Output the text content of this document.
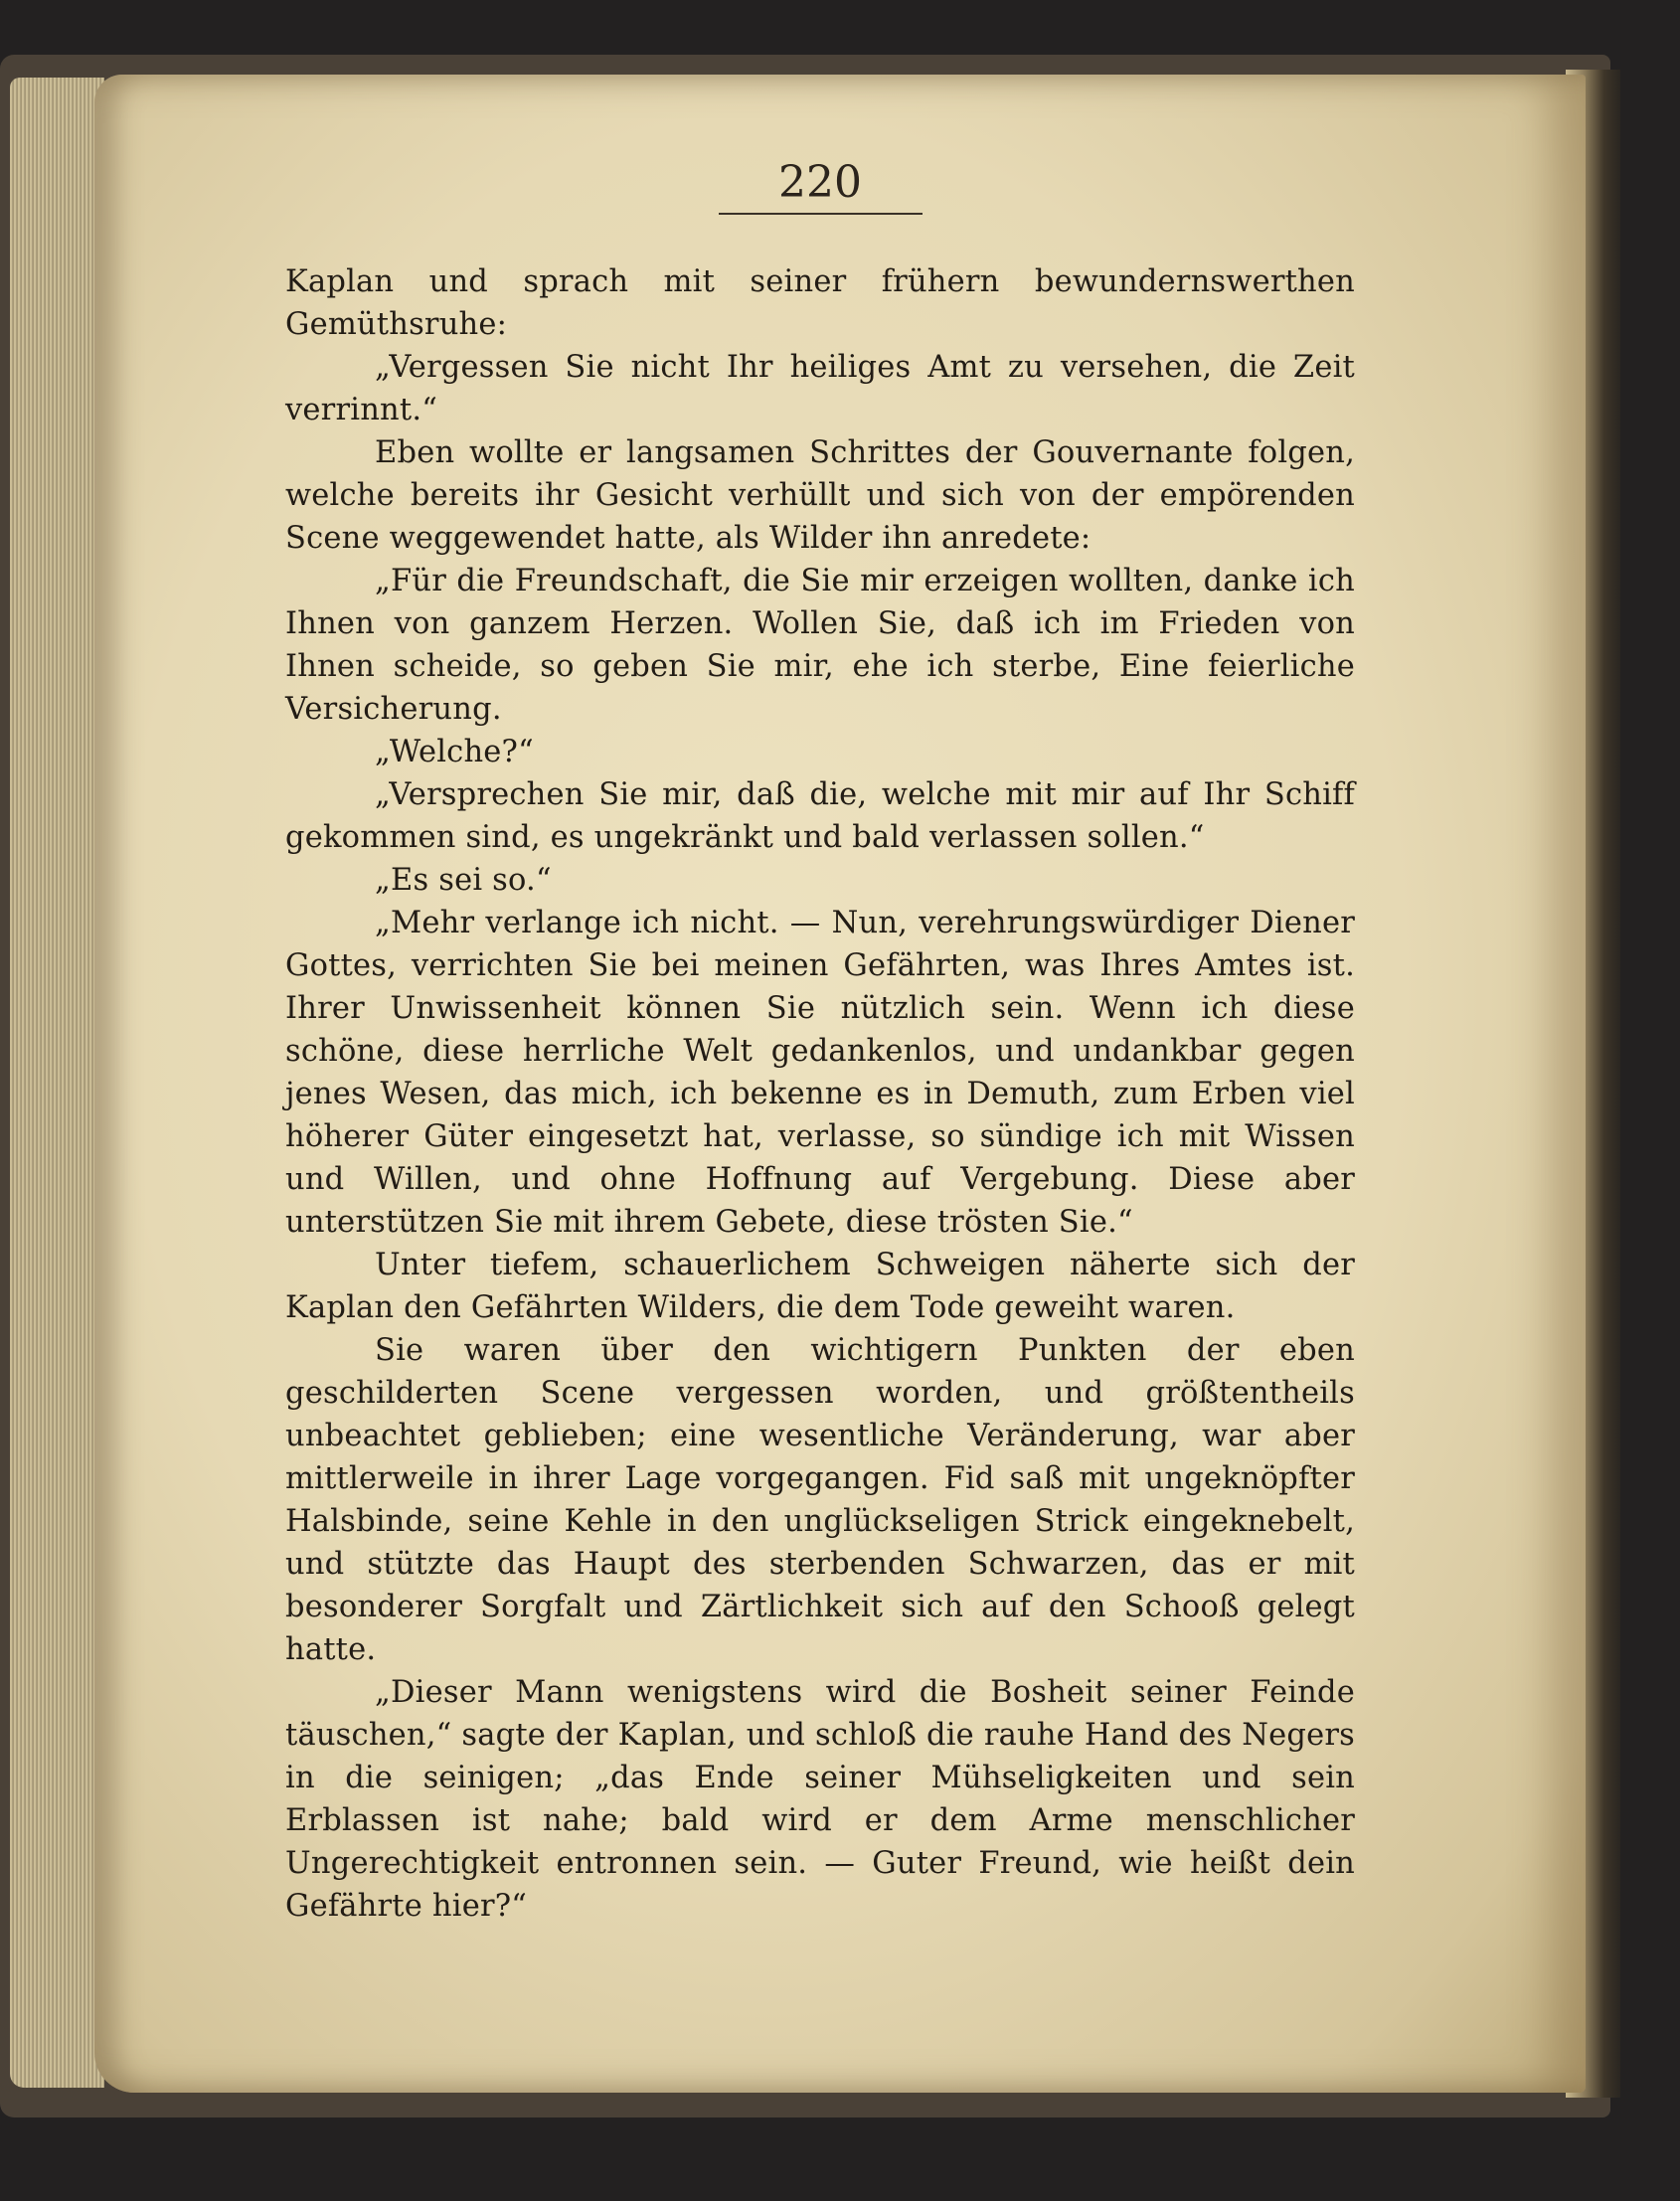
220

Kaplan und sprach mit seiner frühern bewundernswerthen Gemüthsruhe:

„Vergessen Sie nicht Ihr heiliges Amt zu versehen, die Zeit verrinnt.“

Eben wollte er langsamen Schrittes der Gouvernante folgen, welche bereits ihr Gesicht verhüllt und sich von der empörenden Scene weggewendet hatte, als Wilder ihn anredete:

„Für die Freundschaft, die Sie mir erzeigen wollten, danke ich Ihnen von ganzem Herzen. Wollen Sie, daß ich im Frieden von Ihnen scheide, so geben Sie mir, ehe ich sterbe, Eine feierliche Versicherung.

„Welche?“

„Versprechen Sie mir, daß die, welche mit mir auf Ihr Schiff gekommen sind, es ungekränkt und bald verlassen sollen.“

„Es sei so.“

„Mehr verlange ich nicht. — Nun, verehrungswürdiger Diener Gottes, verrichten Sie bei meinen Gefährten, was Ihres Amtes ist. Ihrer Unwissenheit können Sie nützlich sein. Wenn ich diese schöne, diese herrliche Welt gedankenlos, und undankbar gegen jenes Wesen, das mich, ich bekenne es in Demuth, zum Erben viel höherer Güter eingesetzt hat, verlasse, so sündige ich mit Wissen und Willen, und ohne Hoffnung auf Vergebung. Diese aber unterstützen Sie mit ihrem Gebete, diese trösten Sie.“

Unter tiefem, schauerlichem Schweigen näherte sich der Kaplan den Gefährten Wilders, die dem Tode geweiht waren.

Sie waren über den wichtigern Punkten der eben geschilderten Scene vergessen worden, und größtentheils unbeachtet geblieben; eine wesentliche Veränderung, war aber mittlerweile in ihrer Lage vorgegangen. Fid saß mit ungeknöpfter Halsbinde, seine Kehle in den unglückseligen Strick eingeknebelt, und stützte das Haupt des sterbenden Schwarzen, das er mit besonderer Sorgfalt und Zärtlichkeit sich auf den Schooß gelegt hatte.

„Dieser Mann wenigstens wird die Bosheit seiner Feinde täuschen,“ sagte der Kaplan, und schloß die rauhe Hand des Negers in die seinigen; „das Ende seiner Mühseligkeiten und sein Erblassen ist nahe; bald wird er dem Arme menschlicher Ungerechtigkeit entronnen sein. — Guter Freund, wie heißt dein Gefährte hier?“
